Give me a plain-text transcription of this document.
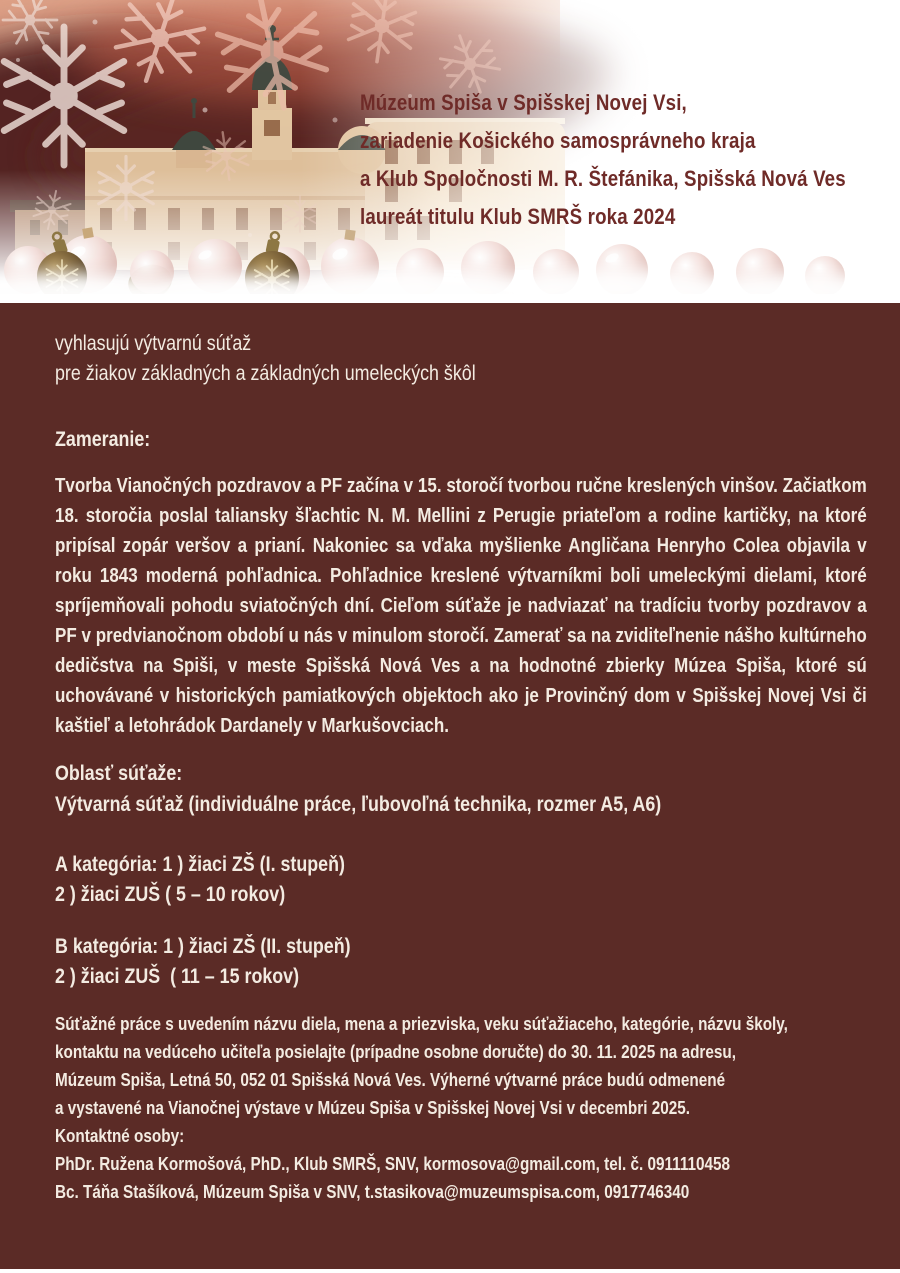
Múzeum Spiša v Spišskej Novej Vsi,
zariadenie Košického samosprávneho kraja
a Klub Spoločnosti M. R. Štefánika, Spišská Nová Ves
laureát titulu Klub SMRŠ roka 2024
vyhlasujú výtvarnú súťaž
pre žiakov základných a základných umeleckých škôl
Zameranie:

Tvorba Vianočných pozdravov a PF začína v 15. storočí tvorbou ručne kreslených vinšov. Začiatkom 18. storočia poslal taliansky šľachtic N. M. Mellini z Perugie priateľom a rodine kartičky, na ktoré pripísal zopár veršov a prianí. Nakoniec sa vďaka myšlienke Angličana Henryho Colea objavila v roku 1843 moderná pohľadnica. Pohľadnice kreslené výtvarníkmi boli umeleckými dielami, ktoré spríjemňovali pohodu sviatočných dní. Cieľom súťaže je nadviazať na tradíciu tvorby pozdravov a PF v predvianočnom období u nás v minulom storočí. Zamerať sa na zviditeľnenie nášho kultúrneho dedičstva na Spiši, v meste Spišská Nová Ves a na hodnotné zbierky Múzea Spiša, ktoré sú uchovávané v historických pamiatkových objektoch ako je Provinčný dom v Spišskej Novej Vsi či kaštieľ a letohrádok Dardanely v Markušovciach.

Oblasť súťaže:
Výtvarná súťaž (individuálne práce, ľubovoľná technika, rozmer A5, A6)
A kategória: 1 ) žiaci ZŠ (I. stupeň)
2 ) žiaci ZUŠ ( 5 – 10 rokov)
B kategória: 1 ) žiaci ZŠ (II. stupeň)
2 ) žiaci ZUŠ  ( 11 – 15 rokov)
Súťažné práce s uvedením názvu diela, mena a priezviska, veku súťažiaceho, kategórie, názvu školy,
kontaktu na vedúceho učiteľa posielajte (prípadne osobne doručte) do 30. 11. 2025 na adresu,
Múzeum Spiša, Letná 50, 052 01 Spišská Nová Ves. Výherné výtvarné práce budú odmenené
a vystavené na Vianočnej výstave v Múzeu Spiša v Spišskej Novej Vsi v decembri 2025.
Kontaktné osoby:
PhDr. Ružena Kormošová, PhD., Klub SMRŠ, SNV, kormosova@gmail.com, tel. č. 0911110458
Bc. Táňa Stašíková, Múzeum Spiša v SNV, t.stasikova@muzeumspisa.com, 0917746340
